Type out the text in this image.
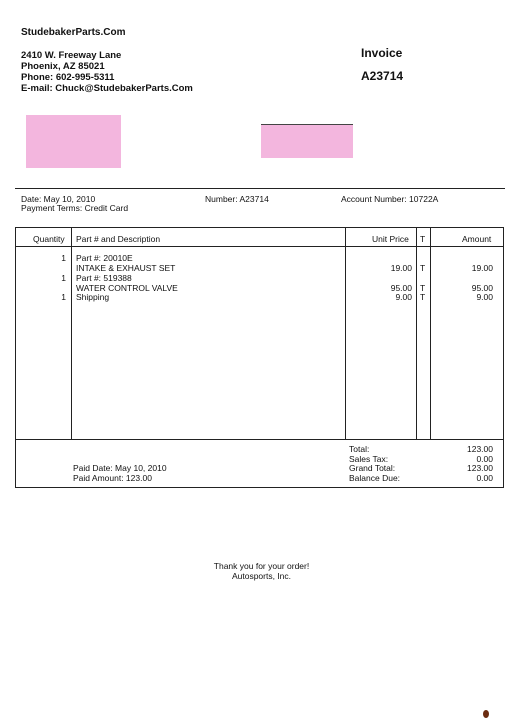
StudebakerParts.Com
2410 W. Freeway Lane
Phoenix, AZ 85021
Phone: 602-995-5311
E-mail: Chuck@StudebakerParts.Com
Invoice
A23714
Date: May 10, 2010
Payment Terms: Credit Card
Number: A23714	Account Number: 10722A
Quantity Part # and Description	Unit Price T	Amount
1 Part #: 20010E
INTAKE & EXHAUST SET	19.00 T	19.00
1 Part #: 519388
WATER CONTROL VALVE	95.00 T	95.00
1 Shipping	9.00 T	9.00
Paid Date: May 10, 2010
Paid Amount: 123.00
Total:	123.00
Sales Tax:	0.00
Grand Total:	123.00
Balance Due:	0.00
Thank you for your order!
Autosports, Inc.
